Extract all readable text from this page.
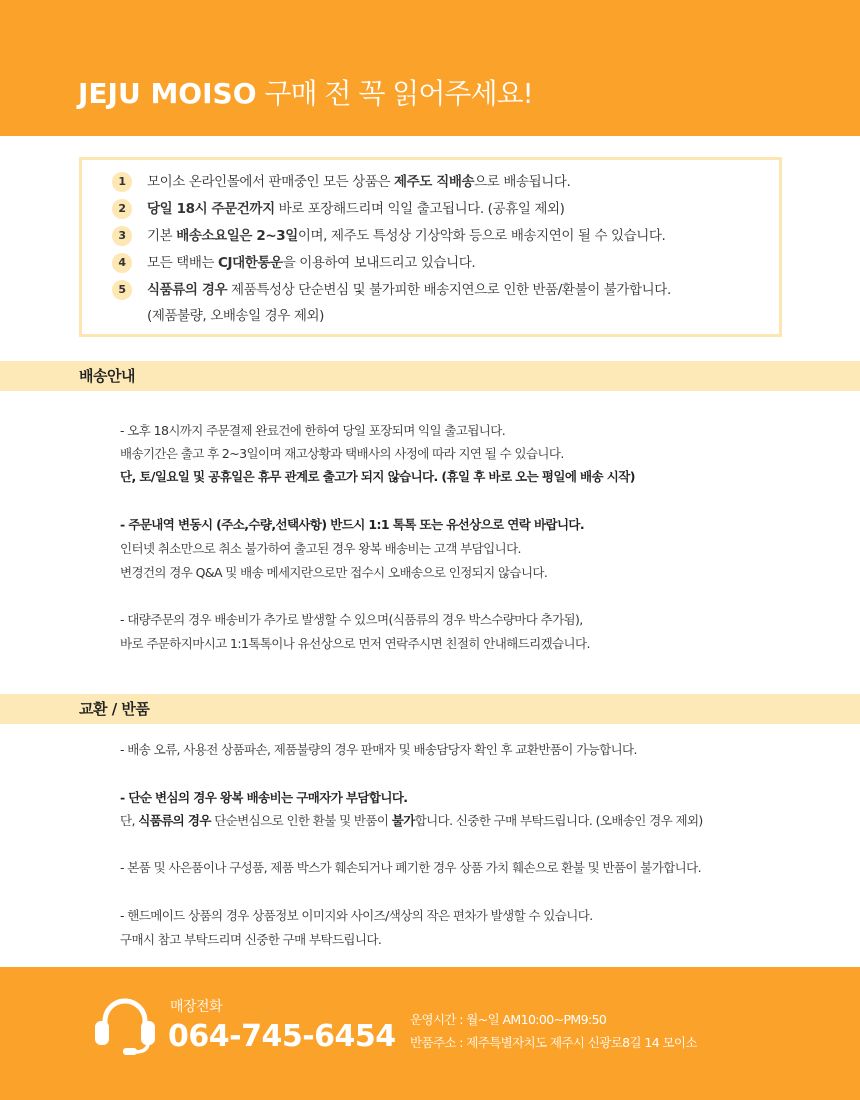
JEJU MOISO 구매 전 꼭 읽어주세요!
1	모이소 온라인몰에서 판매중인 모든 상품은 제주도 직배송으로 배송됩니다.
2	당일 18시 주문건까지 바로 포장해드리며 익일 출고됩니다. (공휴일 제외)
3	기본 배송소요일은 2~3일이며, 제주도 특성상 기상악화 등으로 배송지연이 될 수 있습니다.
4	모든 택배는 CJ대한통운을 이용하여 보내드리고 있습니다.
5	식품류의 경우 제품특성상 단순변심 및 불가피한 배송지연으로 인한 반품/환불이 불가합니다.
(제품불량, 오배송일 경우 제외)
배송안내
- 오후 18시까지 주문결제 완료건에 한하여 당일 포장되며 익일 출고됩니다.
배송기간은 출고 후 2~3일이며 재고상황과 택배사의 사정에 따라 지연 될 수 있습니다.
단, 토/일요일 및 공휴일은 휴무 관계로 출고가 되지 않습니다. (휴일 후 바로 오는 평일에 배송 시작)
- 주문내역 변동시 (주소,수량,선택사항) 반드시 1:1 톡톡 또는 유선상으로 연락 바랍니다.
인터넷 취소만으로 취소 불가하여 출고된 경우 왕복 배송비는 고객 부담입니다.
변경건의 경우 Q&A 및 배송 메세지란으로만 접수시 오배송으로 인정되지 않습니다.
- 대량주문의 경우 배송비가 추가로 발생할 수 있으며(식품류의 경우 박스수량마다 추가됨),
바로 주문하지마시고 1:1톡톡이나 유선상으로 먼저 연락주시면 친절히 안내해드리겠습니다.
교환 / 반품
- 배송 오류, 사용전 상품파손, 제품불량의 경우 판매자 및 배송담당자 확인 후 교환반품이 가능합니다.
- 단순 변심의 경우 왕복 배송비는 구매자가 부담합니다.
단, 식품류의 경우 단순변심으로 인한 환불 및 반품이 불가합니다. 신중한 구매 부탁드립니다. (오배송인 경우 제외)
- 본품 및 사은품이나 구성품, 제품 박스가 훼손되거나 폐기한 경우 상품 가치 훼손으로 환불 및 반품이 불가합니다.
- 핸드메이드 상품의 경우 상품정보 이미지와 사이즈/색상의 작은 편차가 발생할 수 있습니다.
구매시 참고 부탁드리며 신중한 구매 부탁드립니다.
매장전화
064-745-6454 운영시간 : 월~일 AM10:00~PM9:50
반품주소 : 제주특별자치도 제주시 신광로8길 14 모이소
